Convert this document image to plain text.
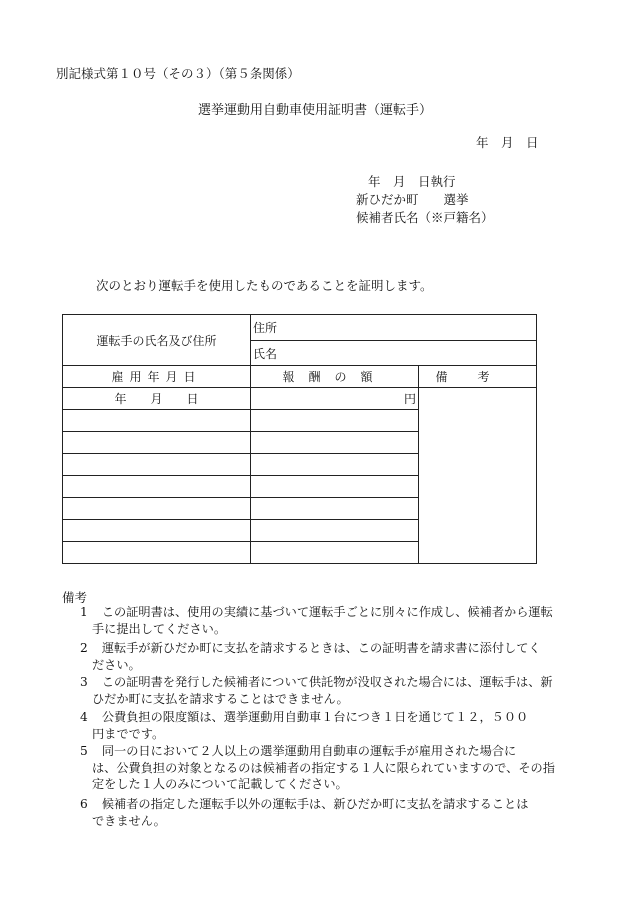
別記様式第１０号（その３）（第５条関係）
選挙運動用自動車使用証明書（運転手）
年　月　日
年　月　日執行
新ひだか町　　選挙
候補者氏名（※戸籍名）
次のとおり運転手を使用したものであることを証明します。
運転手の氏名及び住所	住所	
	氏名	
雇用年月日	報酬の額	備考
年　　月　　日	円	

備考
1 この証明書は、使用の実績に基づいて運転手ごとに別々に作成し、候補者から運転
手に提出してください。
2 運転手が新ひだか町に支払を請求するときは、この証明書を請求書に添付してく
ださい。
3 この証明書を発行した候補者について供託物が没収された場合には、運転手は、新
ひだか町に支払を請求することはできません。
4 公費負担の限度額は、選挙運動用自動車１台につき１日を通じて１２，５００
円までです。
5 同一の日において２人以上の選挙運動用自動車の運転手が雇用された場合に
は、公費負担の対象となるのは候補者の指定する１人に限られていますので、その指
定をした１人のみについて記載してください。
6 候補者の指定した運転手以外の運転手は、新ひだか町に支払を請求することは
できません。
